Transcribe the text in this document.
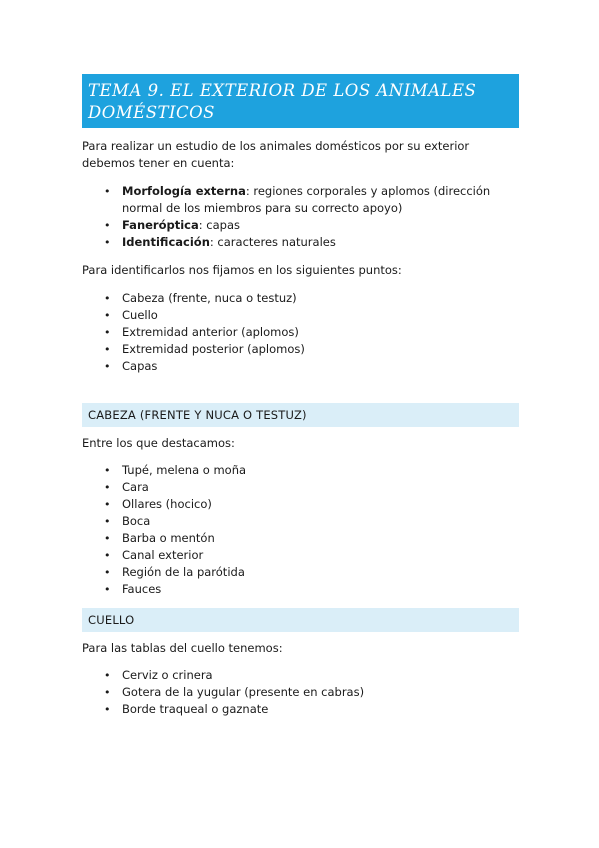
TEMA 9. EL EXTERIOR DE LOS ANIMALES DOMÉSTICOS

Para realizar un estudio de los animales domésticos por su exterior debemos tener en cuenta:

• Morfología externa: regiones corporales y aplomos (dirección normal de los miembros para su correcto apoyo)
• Faneróptica: capas
• Identificación: caracteres naturales

Para identificarlos nos fijamos en los siguientes puntos:

• Cabeza (frente, nuca o testuz)
• Cuello
• Extremidad anterior (aplomos)
• Extremidad posterior (aplomos)
• Capas
CABEZA (FRENTE Y NUCA O TESTUZ)

Entre los que destacamos:

• Tupé, melena o moña
• Cara
• Ollares (hocico)
• Boca
• Barba o mentón
• Canal exterior
• Región de la parótida
• Fauces
CUELLO

Para las tablas del cuello tenemos:

• Cerviz o crinera
• Gotera de la yugular (presente en cabras)
• Borde traqueal o gaznate
